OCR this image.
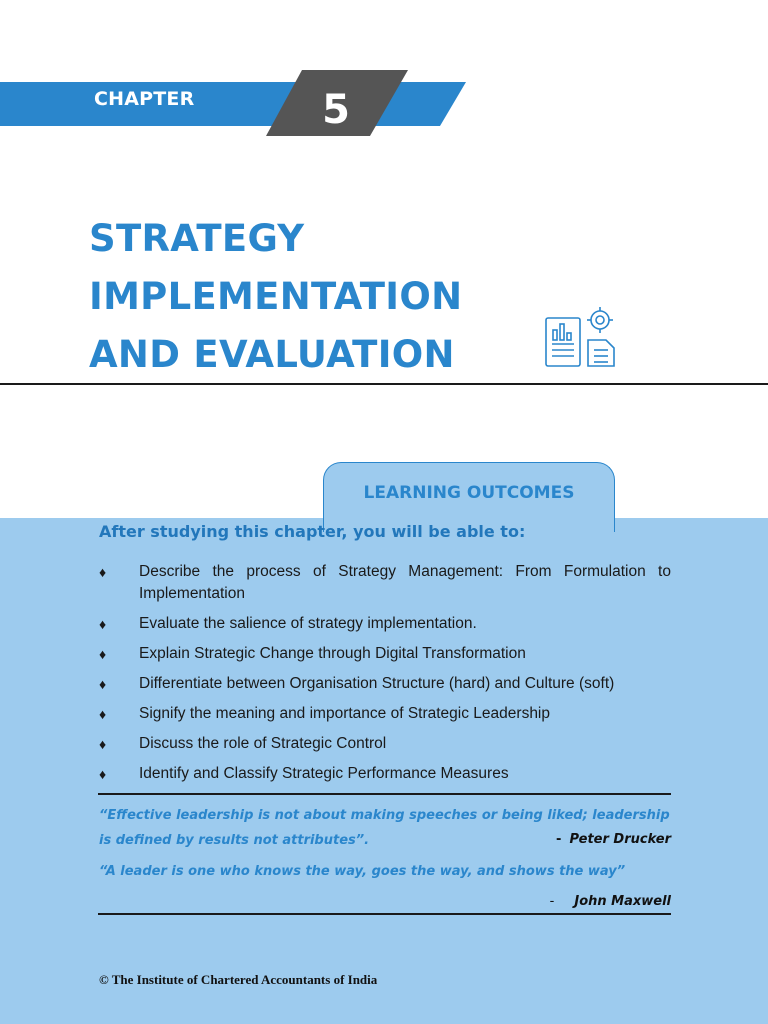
CHAPTER	5
STRATEGY
IMPLEMENTATION
AND EVALUATION
LEARNING OUTCOMES

After studying this chapter, you will be able to:

♦ Describe the process of Strategy Management: From Formulation to Implementation
♦ Evaluate the salience of strategy implementation.
♦ Explain Strategic Change through Digital Transformation
♦ Differentiate between Organisation Structure (hard) and Culture (soft)
♦ Signify the meaning and importance of Strategic Leadership
♦ Discuss the role of Strategic Control
♦ Identify and Classify Strategic Performance Measures

“Effective leadership is not about making speeches or being liked; leadership is defined by results not attributes”.	- Peter Drucker

“A leader is one who knows the way, goes the way, and shows the way”

- John Maxwell
© The Institute of Chartered Accountants of India
